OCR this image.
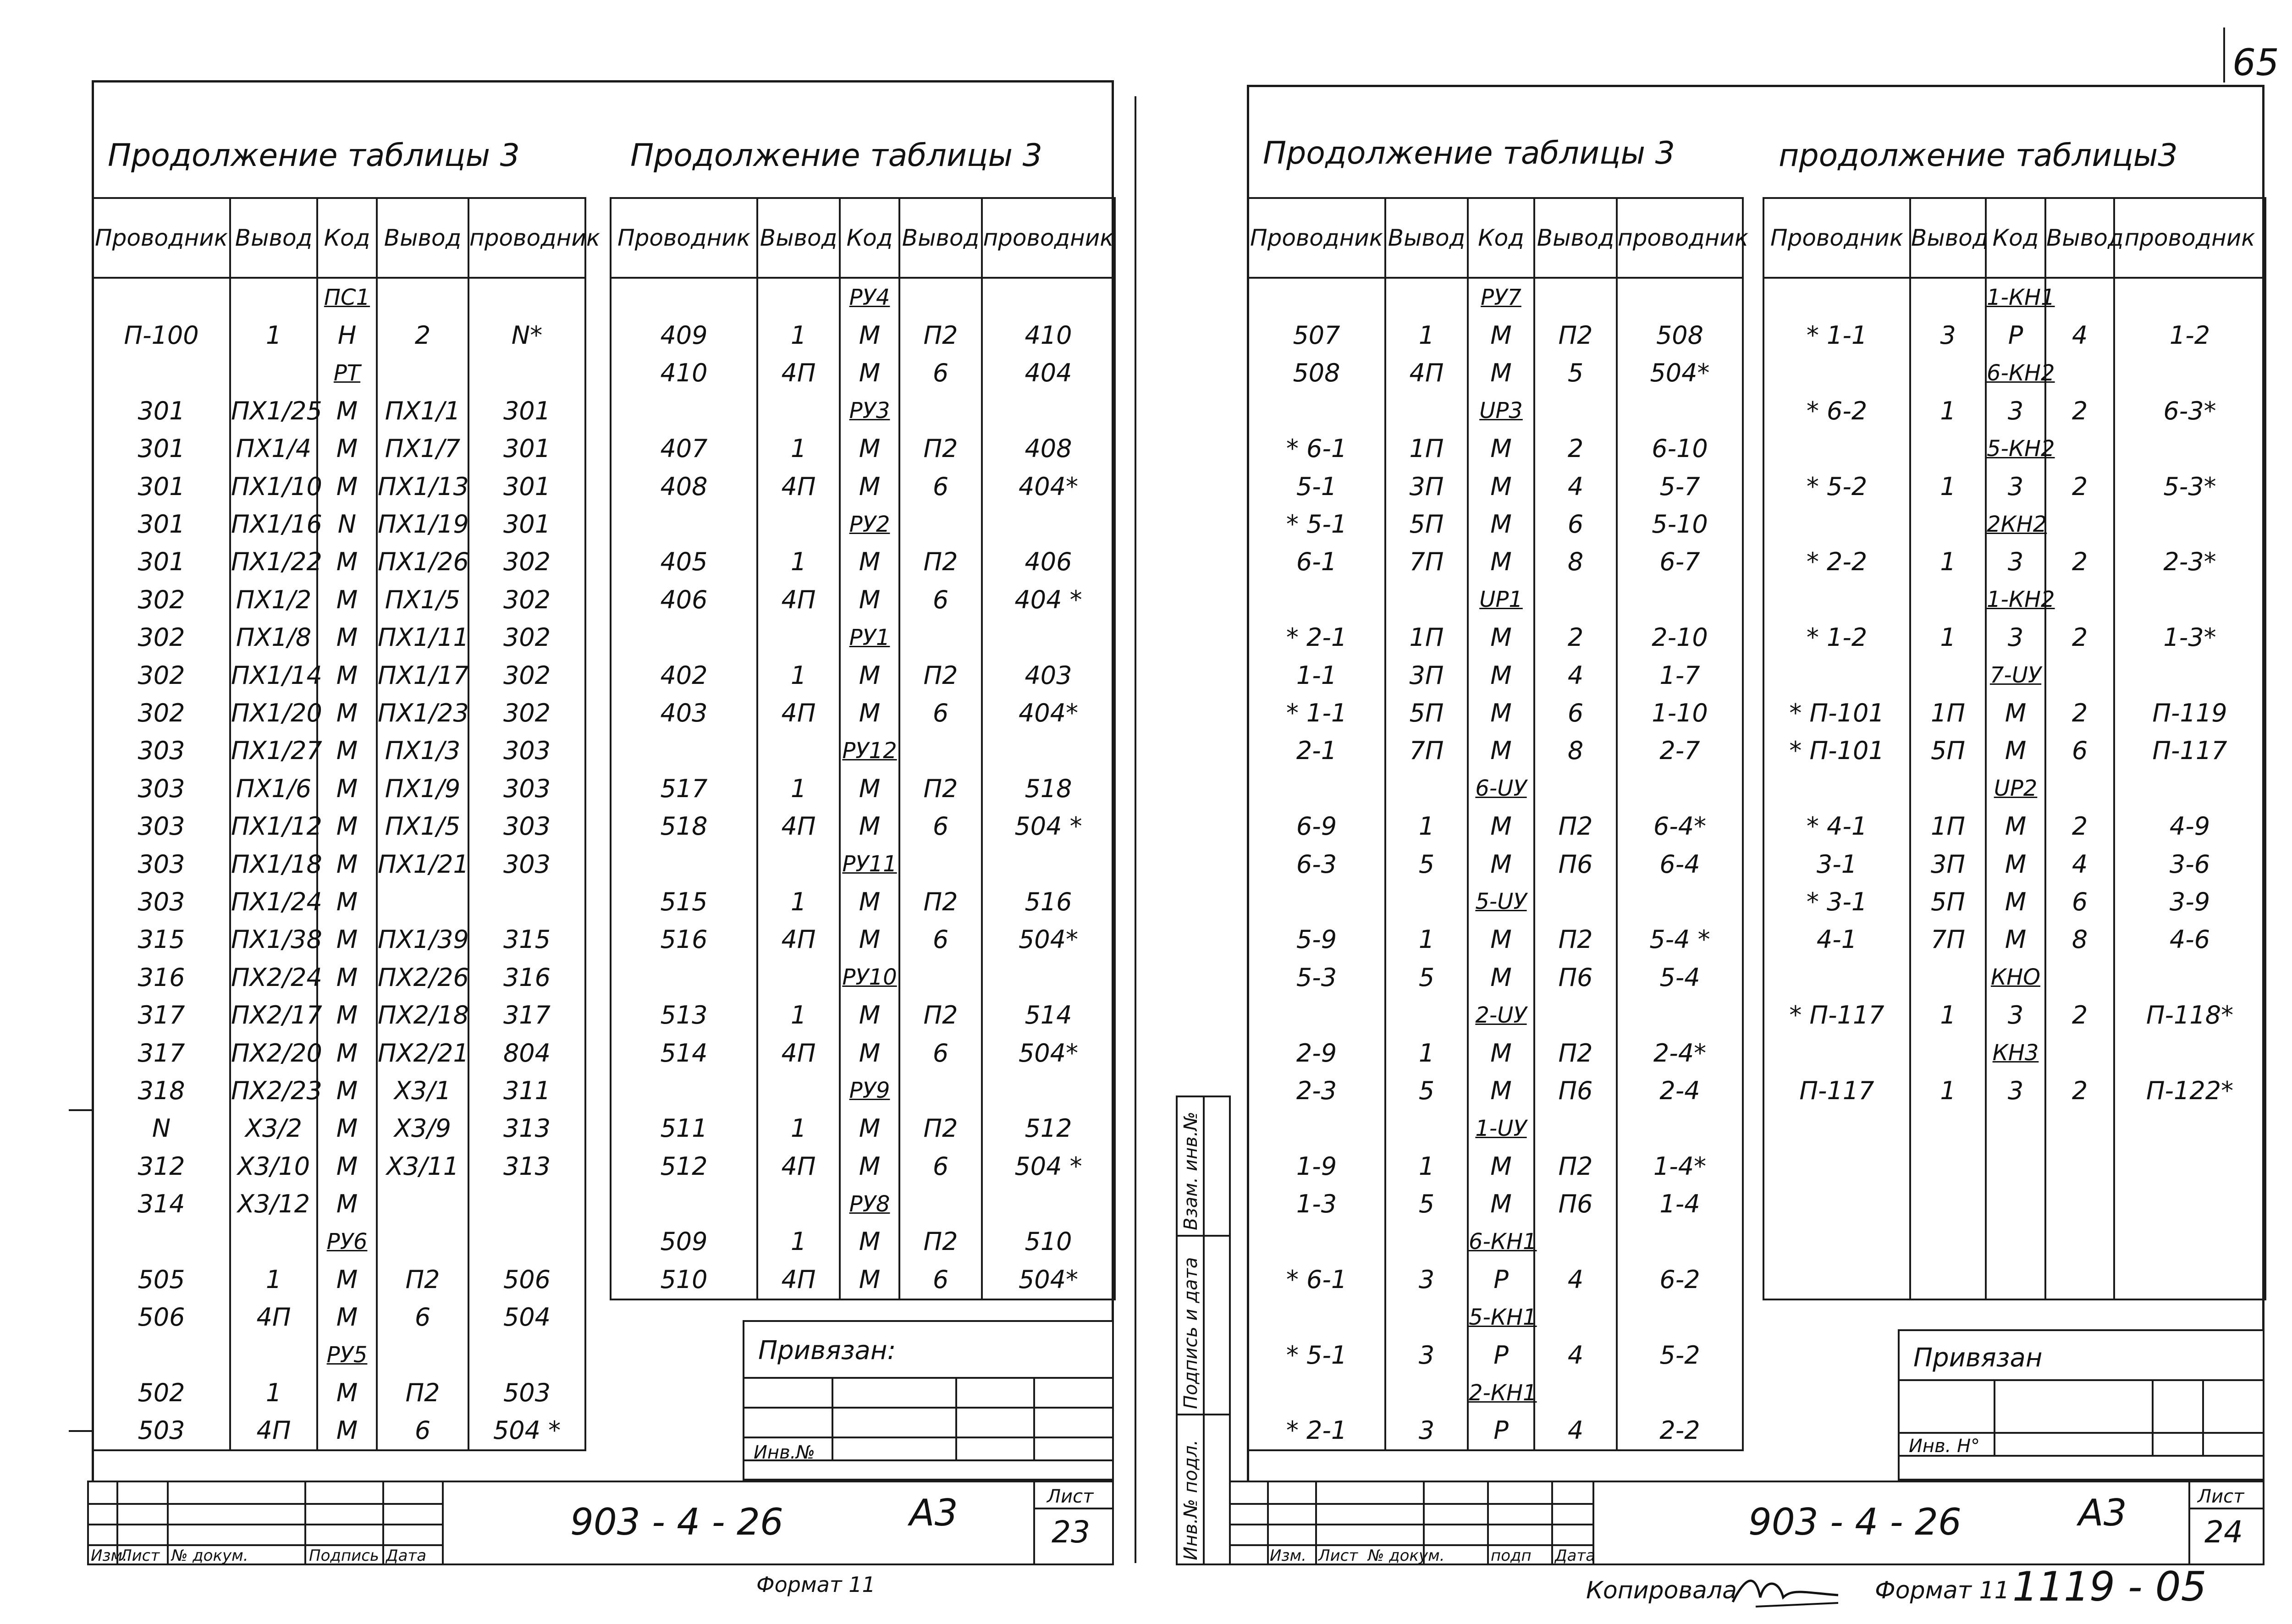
65
Продолжение таблицы 3	Продолжение таблицы 3
Проводник	Вывод	Код	Вывод	проводник
		ПС1		
П-100	1	Н	2	N*
		РТ		
301	ПХ1/25	М	ПХ1/1	301
301	ПХ1/4	М	ПХ1/7	301
301	ПХ1/10	М	ПХ1/13	301
301	ПХ1/16	N	ПХ1/19	301
301	ПХ1/22	М	ПХ1/26	302
302	ПХ1/2	М	ПХ1/5	302
302	ПХ1/8	М	ПХ1/11	302
302	ПХ1/14	М	ПХ1/17	302
302	ПХ1/20	М	ПХ1/23	302
303	ПХ1/27	М	ПХ1/3	303
303	ПХ1/6	М	ПХ1/9	303
303	ПХ1/12	М	ПХ1/5	303
303	ПХ1/18	М	ПХ1/21	303
303	ПХ1/24	М		
315	ПХ1/38	М	ПХ1/39	315
316	ПХ2/24	М	ПХ2/26	316
317	ПХ2/17	М	ПХ2/18	317
317	ПХ2/20	М	ПХ2/21	804
318	ПХ2/23	М	Х3/1	311
N	Х3/2	М	Х3/9	313
312	Х3/10	М	Х3/11	313
314	Х3/12	М		
		РУ6		
505	1	М	П2	506
506	4П	М	6	504
		РУ5		
502	1	М	П2	503
503	4П	М	6	504 *
Проводник	Вывод	Код	Вывод	проводник
		РУ4		
409	1	М	П2	410
410	4П	М	6	404
		РУ3		
407	1	М	П2	408
408	4П	М	6	404*
		РУ2		
405	1	М	П2	406
406	4П	М	6	404 *
		РУ1		
402	1	М	П2	403
403	4П	М	6	404*
		РУ12		
517	1	М	П2	518
518	4П	М	6	504 *
		РУ11		
515	1	М	П2	516
516	4П	М	6	504*
		РУ10		
513	1	М	П2	514
514	4П	М	6	504*
		РУ9		
511	1	М	П2	512
512	4П	М	6	504 *
		РУ8		
509	1	М	П2	510
510	4П	М	6	504*
Привязан:
Инв.№
Изм.
Лист № докум.	Подпись Дата
903 - 4 - 26	А3	Лист
23
Формат 11
Продолжение таблицы 3	продолжение таблицы3
Проводник	Вывод	Код	Вывод	проводник
		РУ7		
507	1	М	П2	508
508	4П	М	5	504*
		UР3		
* 6-1	1П	М	2	6-10
5-1	3П	М	4	5-7
* 5-1	5П	М	6	5-10
6-1	7П	М	8	6-7
		UР1		
* 2-1	1П	М	2	2-10
1-1	3П	М	4	1-7
* 1-1	5П	М	6	1-10
2-1	7П	М	8	2-7
		6-UУ		
6-9	1	М	П2	6-4*
6-3	5	М	П6	6-4
		5-UУ		
5-9	1	М	П2	5-4 *
5-3	5	М	П6	5-4
		2-UУ		
2-9	1	М	П2	2-4*
2-3	5	М	П6	2-4
		1-UУ		
1-9	1	М	П2	1-4*
1-3	5	М	П6	1-4
		6-КН1		
* 6-1	3	Р	4	6-2
		5-КН1		
* 5-1	3	Р	4	5-2
		2-КН1		
* 2-1	3	Р	4	2-2
Проводник	Вывод	Код	Вывод	проводник
		1-КН1		
* 1-1	3	Р	4	1-2
		6-КН2		
* 6-2	1	3	2	6-3*
		5-КН2		
* 5-2	1	3	2	5-3*
		2КН2		
* 2-2	1	3	2	2-3*
		1-КН2		
* 1-2	1	3	2	1-3*
		7-UУ		
* П-101	1П	М	2	П-119
* П-101	5П	М	6	П-117
		UР2		
* 4-1	1П	М	2	4-9
3-1	3П	М	4	3-6
* 3-1	5П	М	6	3-9
4-1	7П	М	8	4-6
		КНО		
* П-117	1	3	2	П-118*
		КН3		
П-117	1	3	2	П-122*

Привязан
Инв. Н°
Изм. Лист № докум.	подп Дата
903 - 4 - 26	А3	Лист
24
Взам. инв.№
Подпись и дата
Инв.№ подл.
Копировала	Формат 11 1119 - 05
